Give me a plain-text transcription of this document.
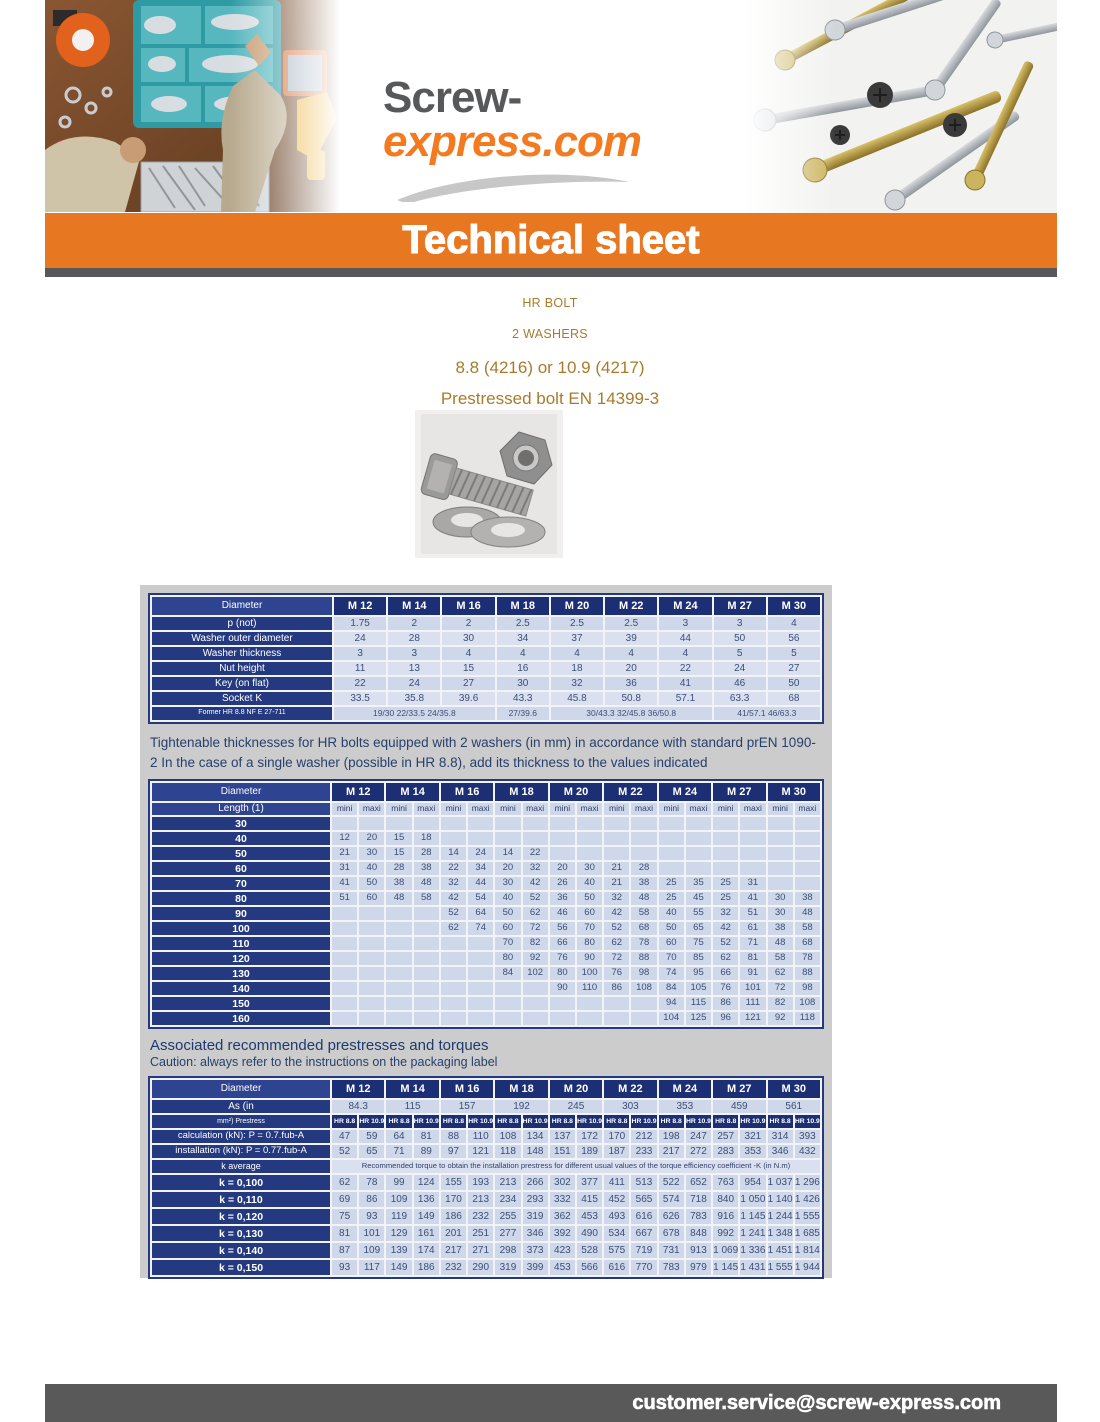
Screw-express.com
Technical sheet
HR BOLT
2 WASHERS
8.8 (4216) or 10.9 (4217)
Prestressed bolt EN 14399-3
Diameter	M 12	M 14	M 16	M 18	M 20	M 22	M 24	M 27	M 30
p (not)	1.75	2	2	2.5	2.5	2.5	3	3	4
Washer outer diameter	24	28	30	34	37	39	44	50	56
Washer thickness	3	3	4	4	4	4	4	5	5
Nut height	11	13	15	16	18	20	22	24	27
Key (on flat)	22	24	27	30	32	36	41	46	50
Socket K	33.5	35.8	39.6	43.3	45.8	50.8	57.1	63.3	68
Former HR 8.8 NF E 27-711	19/30 22/33.5 24/35.8			27/39.6	30/43.3 32/45.8 36/50.8			41/57.1 46/63.3	
Tightenable thicknesses for HR bolts equipped with 2 washers (in mm) in accordance with standard prEN 1090-2 In the case of a single washer (possible in HR 8.8), add its thickness to the values indicated
Diameter	M 12		M 14		M 16		M 18		M 20		M 22		M 24		M 27		M 30	
Length (1)	mini	maxi	mini	maxi	mini	maxi	mini	maxi	mini	maxi	mini	maxi	mini	maxi	mini	maxi	mini	maxi
30																		
40	12	20	15	18														
50	21	30	15	28	14	24	14	22										
60	31	40	28	38	22	34	20	32	20	30	21	28						
70	41	50	38	48	32	44	30	42	26	40	21	38	25	35	25	31		
80	51	60	48	58	42	54	40	52	36	50	32	48	25	45	25	41	30	38
90					52	64	50	62	46	60	42	58	40	55	32	51	30	48
100					62	74	60	72	56	70	52	68	50	65	42	61	38	58
110							70	82	66	80	62	78	60	75	52	71	48	68
120							80	92	76	90	72	88	70	85	62	81	58	78
130							84	102	80	100	76	98	74	95	66	91	62	88
140									90	110	86	108	84	105	76	101	72	98
150													94	115	86	111	82	108
160													104	125	96	121	92	118
Associated recommended prestresses and torques
Caution: always refer to the instructions on the packaging label
Diameter	M 12		M 14		M 16		M 18		M 20		M 22		M 24		M 27		M 30	
As (in	84.3		115		157		192		245		303		353		459		561	
mm²) Prestress	HR 8.8	HR 10.9	HR 8.8	HR 10.9	HR 8.8	HR 10.9	HR 8.8	HR 10.9	HR 8.8	HR 10.9	HR 8.8	HR 10.9	HR 8.8	HR 10.9	HR 8.8	HR 10.9	HR 8.8	HR 10.9
calculation (kN): P = 0.7.fub-A	47	59	64	81	88	110	108	134	137	172	170	212	198	247	257	321	314	393
installation (kN): P = 0.77.fub-A	52	65	71	89	97	121	118	148	151	189	187	233	217	272	283	353	346	432
k average	Recommended torque to obtain the installation prestress for different usual values of the torque efficiency coefficient -K (in N.m)																	
k = 0,100	62	78	99	124	155	193	213	266	302	377	411	513	522	652	763	954	1 037	1 296
k = 0,110	69	86	109	136	170	213	234	293	332	415	452	565	574	718	840	1 050	1 140	1 426
k = 0,120	75	93	119	149	186	232	255	319	362	453	493	616	626	783	916	1 145	1 244	1 555
k = 0,130	81	101	129	161	201	251	277	346	392	490	534	667	678	848	992	1 241	1 348	1 685
k = 0,140	87	109	139	174	217	271	298	373	423	528	575	719	731	913	1 069	1 336	1 451	1 814
k = 0,150	93	117	149	186	232	290	319	399	453	566	616	770	783	979	1 145	1 431	1 555	1 944
customer.service@screw-express.com
